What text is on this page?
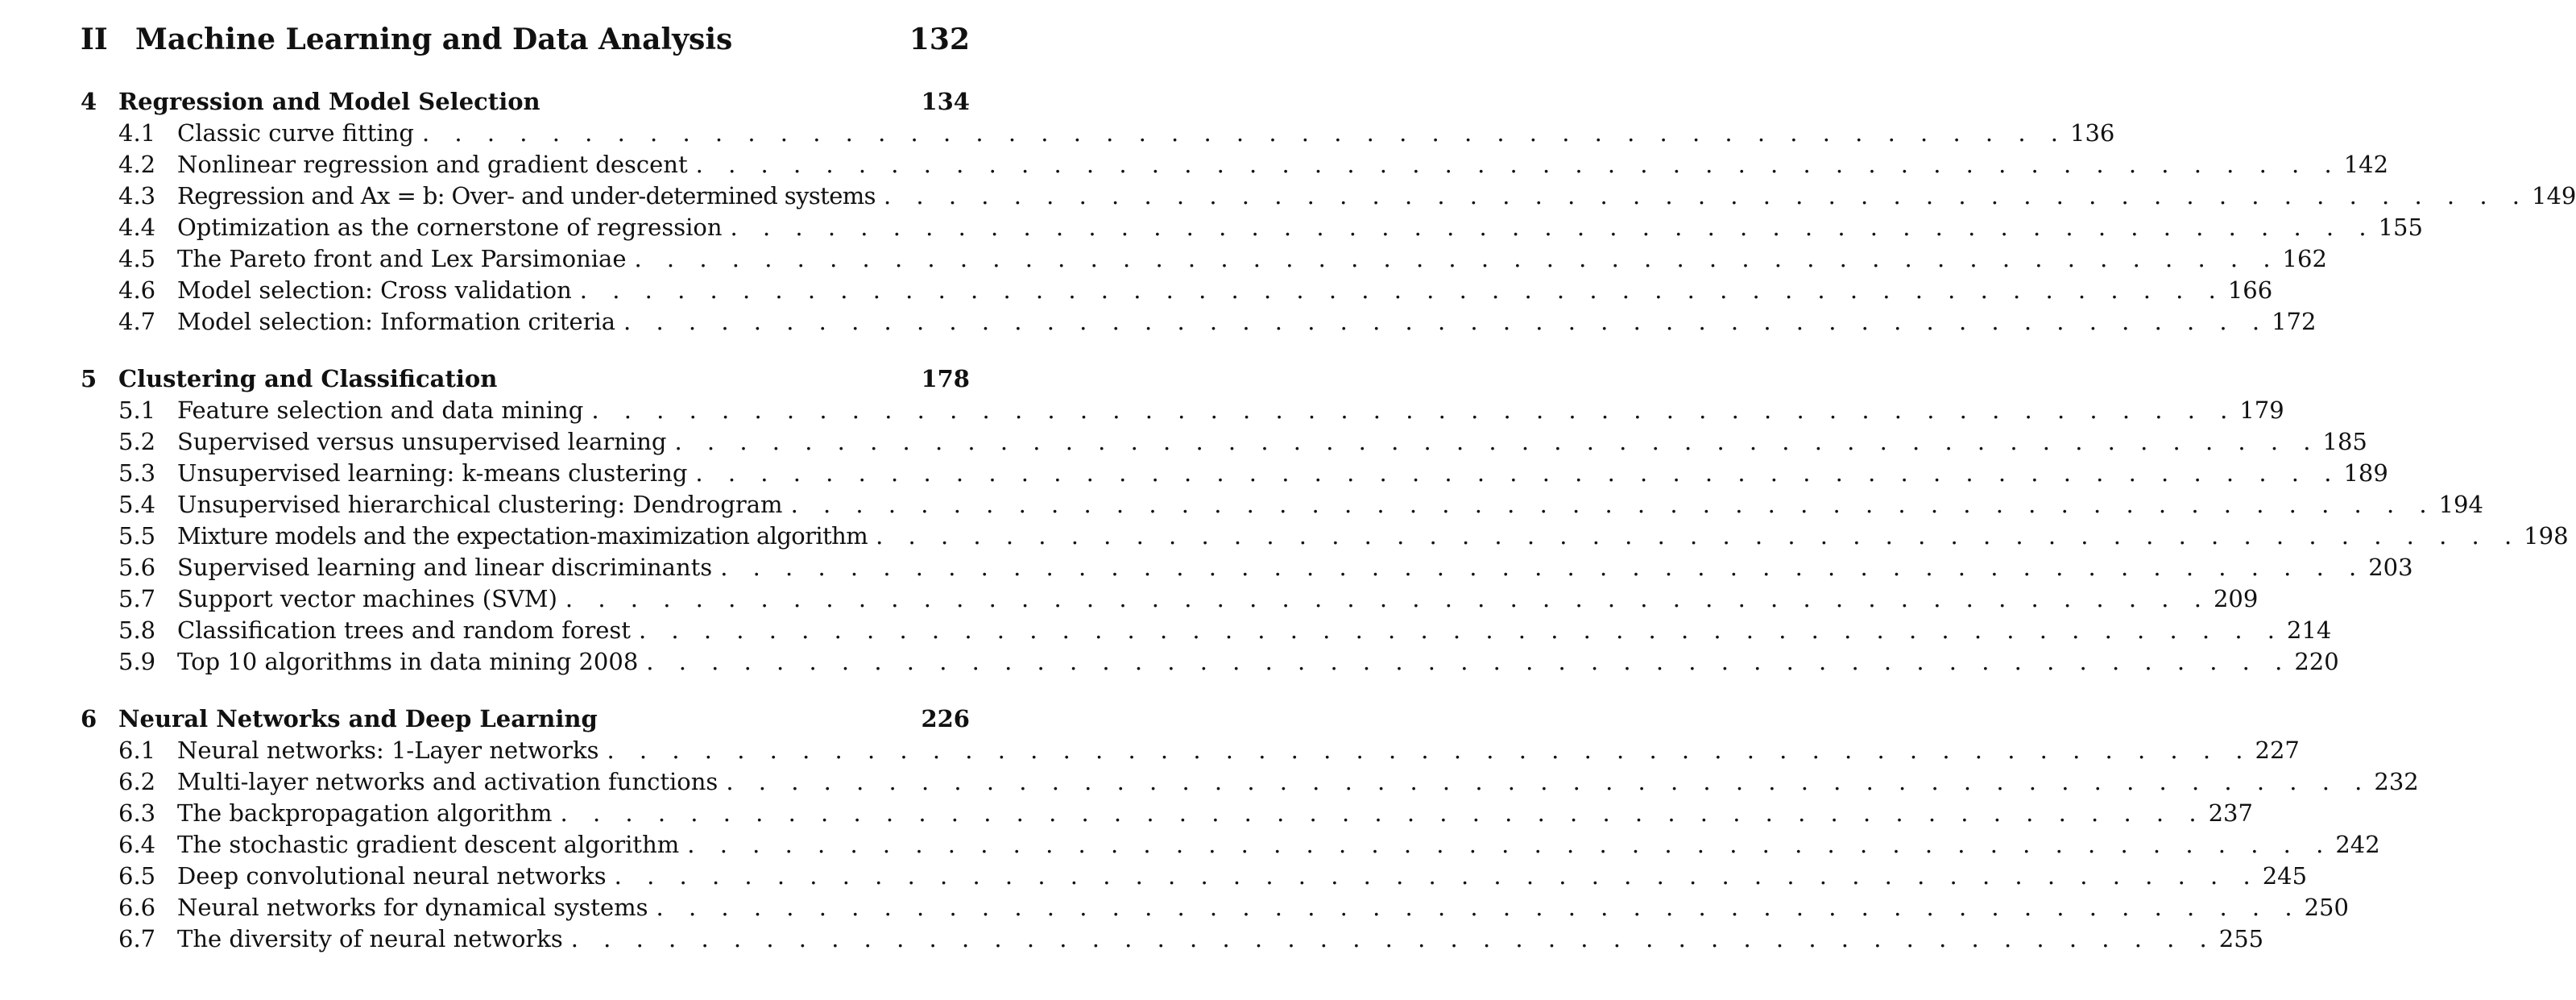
II Machine Learning and Data Analysis	132
4 Regression and Model Selection	134
4.1 Classic curve fitting . . . . . . . . . . . . . . . . . . . . . . . . . . . . . . . . . . . . . . . . . . . . . . . . . . . 136
4.2 Nonlinear regression and gradient descent . . . . . . . . . . . . . . . . . . . . . . . . . . . . . . . . . . . . . . . . . . . . . . . . . . . 142
4.3 Regression and Ax = b: Over- and under-determined systems . . . . . . . . . . . . . . . . . . . . . . . . . . . . . . . . . . . . . . . . . . . . . . . . . . . 149
4.4 Optimization as the cornerstone of regression . . . . . . . . . . . . . . . . . . . . . . . . . . . . . . . . . . . . . . . . . . . . . . . . . . . 155
4.5 The Pareto front and Lex Parsimoniae . . . . . . . . . . . . . . . . . . . . . . . . . . . . . . . . . . . . . . . . . . . . . . . . . . . 162
4.6 Model selection: Cross validation . . . . . . . . . . . . . . . . . . . . . . . . . . . . . . . . . . . . . . . . . . . . . . . . . . . 166
4.7 Model selection: Information criteria . . . . . . . . . . . . . . . . . . . . . . . . . . . . . . . . . . . . . . . . . . . . . . . . . . . 172
5 Clustering and Classification	178
5.1 Feature selection and data mining . . . . . . . . . . . . . . . . . . . . . . . . . . . . . . . . . . . . . . . . . . . . . . . . . . . 179
5.2 Supervised versus unsupervised learning . . . . . . . . . . . . . . . . . . . . . . . . . . . . . . . . . . . . . . . . . . . . . . . . . . . 185
5.3 Unsupervised learning: k-means clustering . . . . . . . . . . . . . . . . . . . . . . . . . . . . . . . . . . . . . . . . . . . . . . . . . . . 189
5.4 Unsupervised hierarchical clustering: Dendrogram . . . . . . . . . . . . . . . . . . . . . . . . . . . . . . . . . . . . . . . . . . . . . . . . . . . 194
5.5 Mixture models and the expectation-maximization algorithm . . . . . . . . . . . . . . . . . . . . . . . . . . . . . . . . . . . . . . . . . . . . . . . . . . . 198
5.6 Supervised learning and linear discriminants . . . . . . . . . . . . . . . . . . . . . . . . . . . . . . . . . . . . . . . . . . . . . . . . . . . 203
5.7 Support vector machines (SVM) . . . . . . . . . . . . . . . . . . . . . . . . . . . . . . . . . . . . . . . . . . . . . . . . . . . 209
5.8 Classification trees and random forest . . . . . . . . . . . . . . . . . . . . . . . . . . . . . . . . . . . . . . . . . . . . . . . . . . . 214
5.9 Top 10 algorithms in data mining 2008 . . . . . . . . . . . . . . . . . . . . . . . . . . . . . . . . . . . . . . . . . . . . . . . . . . . 220
6 Neural Networks and Deep Learning	226
6.1 Neural networks: 1-Layer networks . . . . . . . . . . . . . . . . . . . . . . . . . . . . . . . . . . . . . . . . . . . . . . . . . . . 227
6.2 Multi-layer networks and activation functions . . . . . . . . . . . . . . . . . . . . . . . . . . . . . . . . . . . . . . . . . . . . . . . . . . . 232
6.3 The backpropagation algorithm . . . . . . . . . . . . . . . . . . . . . . . . . . . . . . . . . . . . . . . . . . . . . . . . . . . 237
6.4 The stochastic gradient descent algorithm . . . . . . . . . . . . . . . . . . . . . . . . . . . . . . . . . . . . . . . . . . . . . . . . . . . 242
6.5 Deep convolutional neural networks . . . . . . . . . . . . . . . . . . . . . . . . . . . . . . . . . . . . . . . . . . . . . . . . . . . 245
6.6 Neural networks for dynamical systems . . . . . . . . . . . . . . . . . . . . . . . . . . . . . . . . . . . . . . . . . . . . . . . . . . . 250
6.7 The diversity of neural networks . . . . . . . . . . . . . . . . . . . . . . . . . . . . . . . . . . . . . . . . . . . . . . . . . . . 255
